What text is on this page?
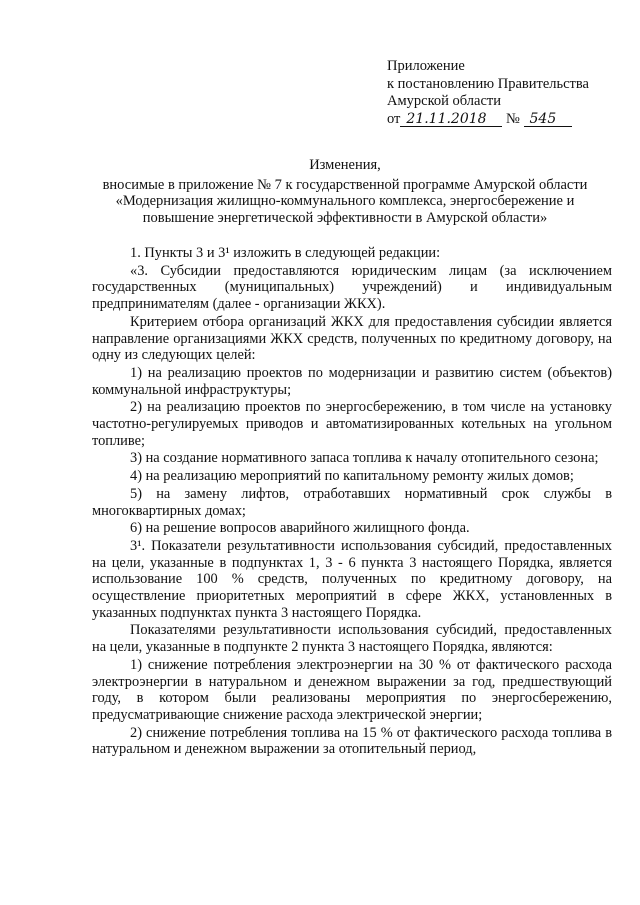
Приложение
к постановлению Правительства
Амурской области
от 21.11.2018 № 545
Изменения,
вносимые в приложение № 7 к государственной программе Амурской области
«Модернизация жилищно-коммунального комплекса, энергосбережение и
повышение энергетической эффективности в Амурской области»

1. Пункты 3 и 3¹ изложить в следующей редакции:

«3. Субсидии предоставляются юридическим лицам (за исключением государственных (муниципальных) учреждений) и индивидуальным предпринимателям (далее - организации ЖКХ).

Критерием отбора организаций ЖКХ для предоставления субсидии является направление организациями ЖКХ средств, полученных по кредитному договору, на одну из следующих целей:

1) на реализацию проектов по модернизации и развитию систем (объектов) коммунальной инфраструктуры;

2) на реализацию проектов по энергосбережению, в том числе на установку частотно-регулируемых приводов и автоматизированных котельных на угольном топливе;

3) на создание нормативного запаса топлива к началу отопительного сезона;

4) на реализацию мероприятий по капитальному ремонту жилых домов;

5) на замену лифтов, отработавших нормативный срок службы в многоквартирных домах;

6) на решение вопросов аварийного жилищного фонда.

3¹. Показатели результативности использования субсидий, предоставленных на цели, указанные в подпунктах 1, 3 - 6 пункта 3 настоящего Порядка, является использование 100 % средств, полученных по кредитному договору, на осуществление приоритетных мероприятий в сфере ЖКХ, установленных в указанных подпунктах пункта 3 настоящего Порядка.

Показателями результативности использования субсидий, предоставленных на цели, указанные в подпункте 2 пункта 3 настоящего Порядка, являются:

1) снижение потребления электроэнергии на 30 % от фактического расхода электроэнергии в натуральном и денежном выражении за год, предшествующий году, в котором были реализованы мероприятия по энергосбережению, предусматривающие снижение расхода электрической энергии;

2) снижение потребления топлива на 15 % от фактического расхода топлива в натуральном и денежном выражении за отопительный период,
